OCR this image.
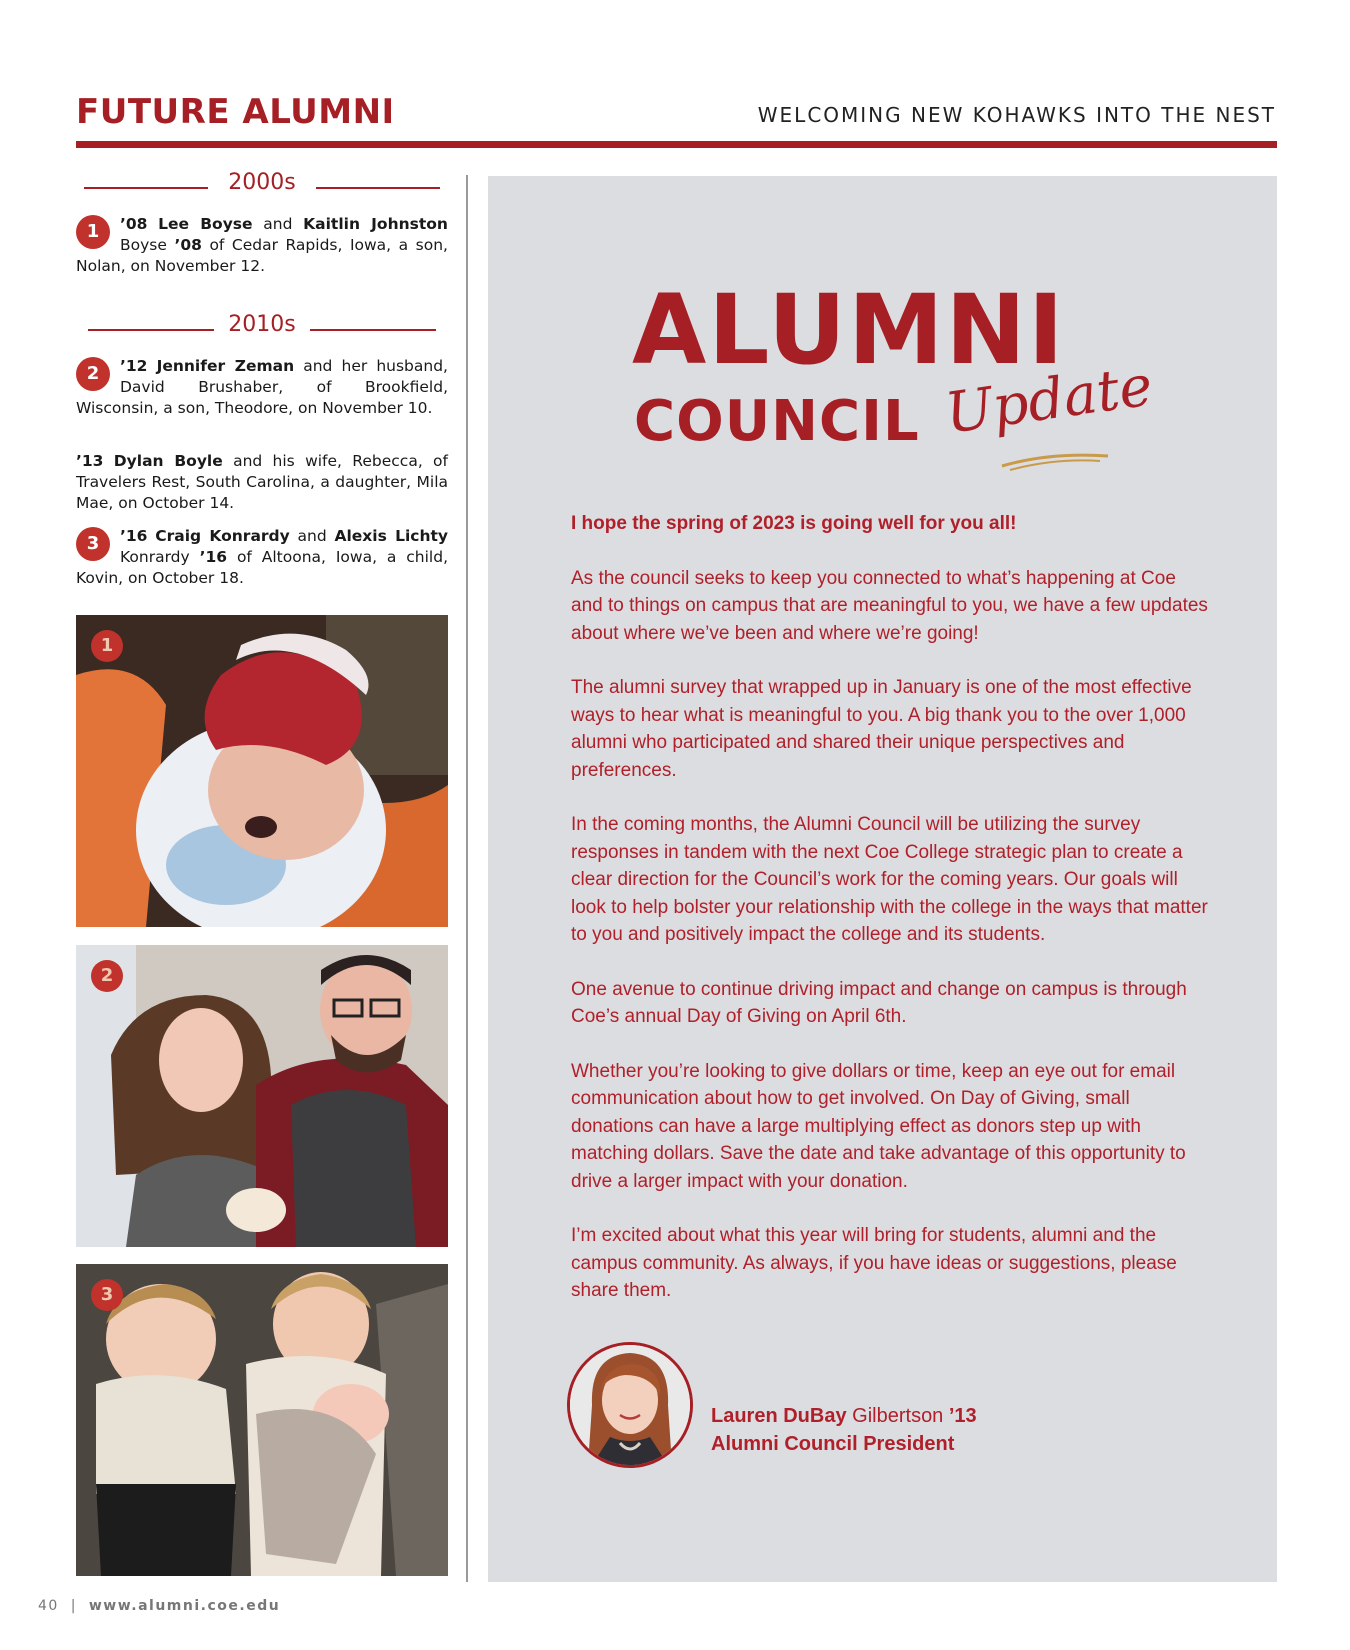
FUTURE ALUMNI	WELCOMING NEW KOHAWKS INTO THE NEST
2000s
1	’08 Lee Boyse and Kaitlin Johnston Boyse ’08 of Cedar Rapids, Iowa, a son, Nolan, on November 12.
2010s
2	’12 Jennifer Zeman and her husband, David Brushaber, of Brookfield, Wisconsin, a son, Theodore, on November 10.
’13 Dylan Boyle and his wife, Rebecca, of Travelers Rest, South Carolina, a daughter, Mila Mae, on October 14.
3	’16 Craig Konrardy and Alexis Lichty Konrardy ’16 of Altoona, Iowa, a child, Kovin, on October 18.
1
2
3
ALUMNI
COUNCIL Update

I hope the spring of 2023 is going well for you all!

As the council seeks to keep you connected to what’s happening at Coe and to things on campus that are meaningful to you, we have a few updates about where we’ve been and where we’re going!

The alumni survey that wrapped up in January is one of the most effective ways to hear what is meaningful to you. A big thank you to the over 1,000 alumni who participated and shared their unique perspectives and preferences.

In the coming months, the Alumni Council will be utilizing the survey responses in tandem with the next Coe College strategic plan to create a clear direction for the Council’s work for the coming years. Our goals will look to help bolster your relationship with the college in the ways that matter to you and positively impact the college and its students.

One avenue to continue driving impact and change on campus is through Coe’s annual Day of Giving on April 6th.

Whether you’re looking to give dollars or time, keep an eye out for email communication about how to get involved. On Day of Giving, small donations can have a large multiplying effect as donors step up with matching dollars. Save the date and take advantage of this opportunity to drive a larger impact with your donation.

I’m excited about what this year will bring for students, alumni and the campus community. As always, if you have ideas or suggestions, please share them.

Lauren DuBay Gilbertson ’13
Alumni Council President
40 | www.alumni.coe.edu
